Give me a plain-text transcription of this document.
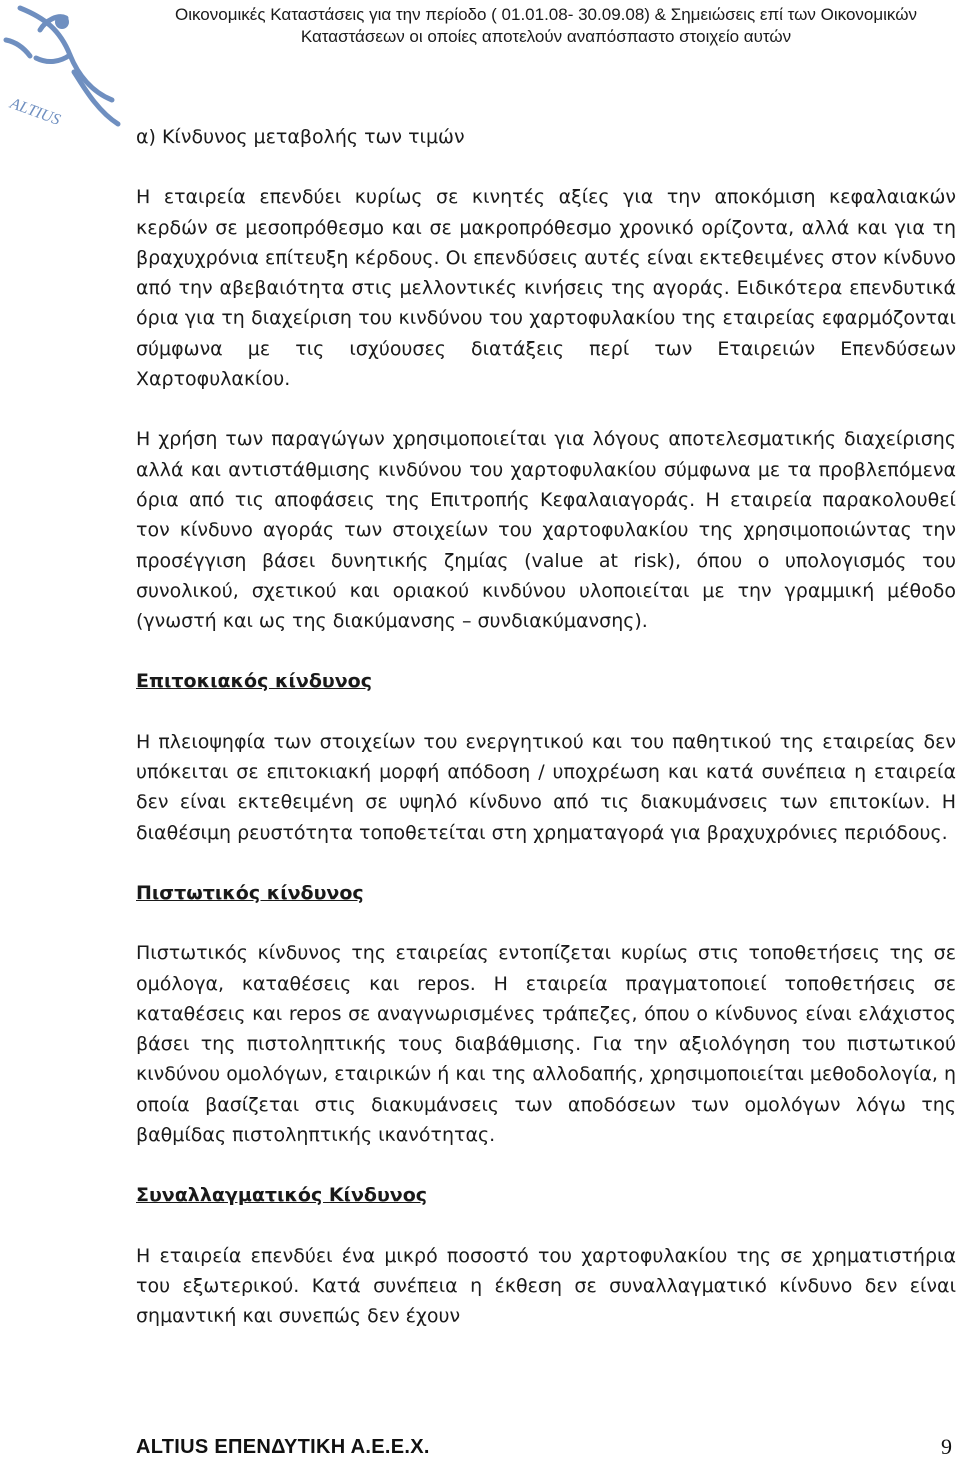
ALTIUS
Οικονομικές Καταστάσεις για την περίοδο ( 01.01.08- 30.09.08) & Σημειώσεις επί των Οικονομικών
Καταστάσεων οι οποίες αποτελούν αναπόσπαστο στοιχείο αυτών

α) Κίνδυνος μεταβολής των τιμών

Η εταιρεία επενδύει κυρίως σε κινητές αξίες για την αποκόμιση κεφαλαιακών κερδών σε μεσοπρόθεσμο και σε μακροπρόθεσμο χρονικό ορίζοντα, αλλά και για τη βραχυχρόνια επίτευξη κέρδους. Οι επενδύσεις αυτές είναι εκτεθειμένες στον κίνδυνο από την αβεβαιότητα στις μελλοντικές κινήσεις της αγοράς. Ειδικότερα επενδυτικά όρια για τη διαχείριση του κινδύνου του χαρτοφυλακίου της εταιρείας εφαρμόζονται σύμφωνα με τις ισχύουσες διατάξεις περί των Εταιρειών Επενδύσεων Χαρτοφυλακίου.

Η χρήση των παραγώγων χρησιμοποιείται για λόγους αποτελεσματικής διαχείρισης αλλά και αντιστάθμισης κινδύνου του χαρτοφυλακίου σύμφωνα με τα προβλεπόμενα όρια από τις αποφάσεις της Επιτροπής Κεφαλαιαγοράς. Η εταιρεία παρακολουθεί τον κίνδυνο αγοράς των στοιχείων του χαρτοφυλακίου της χρησιμοποιώντας την προσέγγιση βάσει δυνητικής ζημίας (value at risk), όπου ο υπολογισμός του συνολικού, σχετικού και οριακού κινδύνου υλοποιείται με την γραμμική μέθοδο (γνωστή και ως της διακύμανσης – συνδιακύμανσης).

Επιτοκιακός κίνδυνος

Η πλειοψηφία των στοιχείων του ενεργητικού και του παθητικού της εταιρείας δεν υπόκειται σε επιτοκιακή μορφή απόδοση / υποχρέωση και κατά συνέπεια η εταιρεία δεν είναι εκτεθειμένη σε υψηλό κίνδυνο από τις διακυμάνσεις των επιτοκίων. Η διαθέσιμη ρευστότητα τοποθετείται στη χρηματαγορά για βραχυχρόνιες περιόδους.

Πιστωτικός κίνδυνος

Πιστωτικός κίνδυνος της εταιρείας εντοπίζεται κυρίως στις τοποθετήσεις της σε ομόλογα, καταθέσεις και repos. Η εταιρεία πραγματοποιεί τοποθετήσεις σε καταθέσεις και repos σε αναγνωρισμένες τράπεζες, όπου ο κίνδυνος είναι ελάχιστος βάσει της πιστοληπτικής τους διαβάθμισης. Για την αξιολόγηση του πιστωτικού κινδύνου ομολόγων, εταιρικών ή και της αλλοδαπής, χρησιμοποιείται μεθοδολογία, η οποία βασίζεται στις διακυμάνσεις των αποδόσεων των ομολόγων λόγω της βαθμίδας πιστοληπτικής ικανότητας.

Συναλλαγματικός Κίνδυνος

Η εταιρεία επενδύει ένα μικρό ποσοστό του χαρτοφυλακίου της σε χρηματιστήρια του εξωτερικού. Κατά συνέπεια η έκθεση σε συναλλαγματικό κίνδυνο δεν είναι σημαντική και συνεπώς δεν έχουν

ALTIUS ΕΠΕΝΔΥΤΙΚΗ Α.Ε.Ε.Χ.	9
